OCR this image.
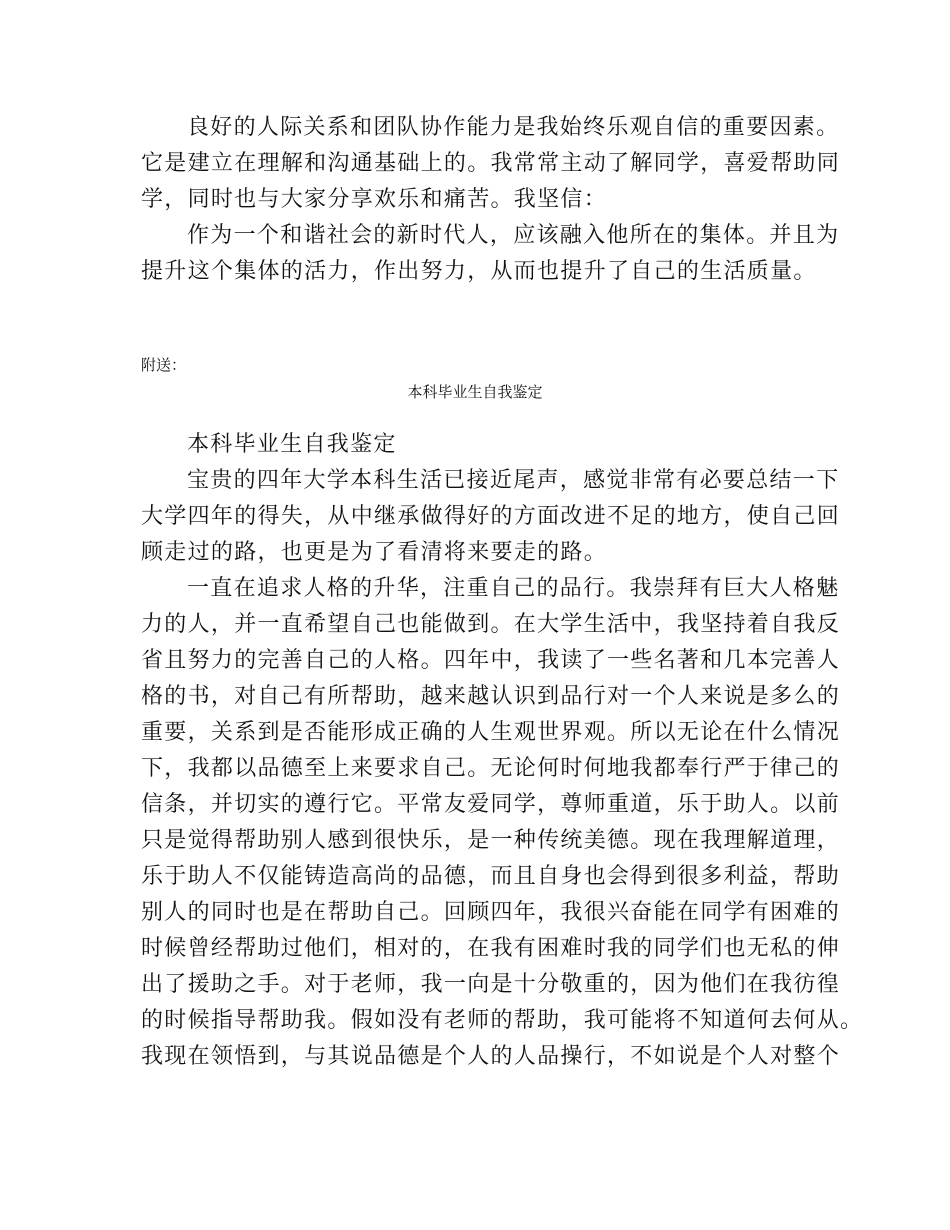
良好的人际关系和团队协作能力是我始终乐观自信的重要因素。
它是建立在理解和沟通基础上的。我常常主动了解同学，喜爱帮助同
学，同时也与大家分享欢乐和痛苦。我坚信：
作为一个和谐社会的新时代人，应该融入他所在的集体。并且为
提升这个集体的活力，作出努力，从而也提升了自己的生活质量。
附送：
本科毕业生自我鉴定
本科毕业生自我鉴定
宝贵的四年大学本科生活已接近尾声，感觉非常有必要总结一下
大学四年的得失，从中继承做得好的方面改进不足的地方，使自己回
顾走过的路，也更是为了看清将来要走的路。
一直在追求人格的升华，注重自己的品行。我崇拜有巨大人格魅
力的人，并一直希望自己也能做到。在大学生活中，我坚持着自我反
省且努力的完善自己的人格。四年中，我读了一些名著和几本完善人
格的书，对自己有所帮助，越来越认识到品行对一个人来说是多么的
重要，关系到是否能形成正确的人生观世界观。所以无论在什么情况
下，我都以品德至上来要求自己。无论何时何地我都奉行严于律己的
信条，并切实的遵行它。平常友爱同学，尊师重道，乐于助人。以前
只是觉得帮助别人感到很快乐，是一种传统美德。现在我理解道理，
乐于助人不仅能铸造高尚的品德，而且自身也会得到很多利益，帮助
别人的同时也是在帮助自己。回顾四年，我很兴奋能在同学有困难的
时候曾经帮助过他们，相对的，在我有困难时我的同学们也无私的伸
出了援助之手。对于老师，我一向是十分敬重的，因为他们在我彷徨
的时候指导帮助我。假如没有老师的帮助，我可能将不知道何去何从。
我现在领悟到，与其说品德是个人的人品操行，不如说是个人对整个
